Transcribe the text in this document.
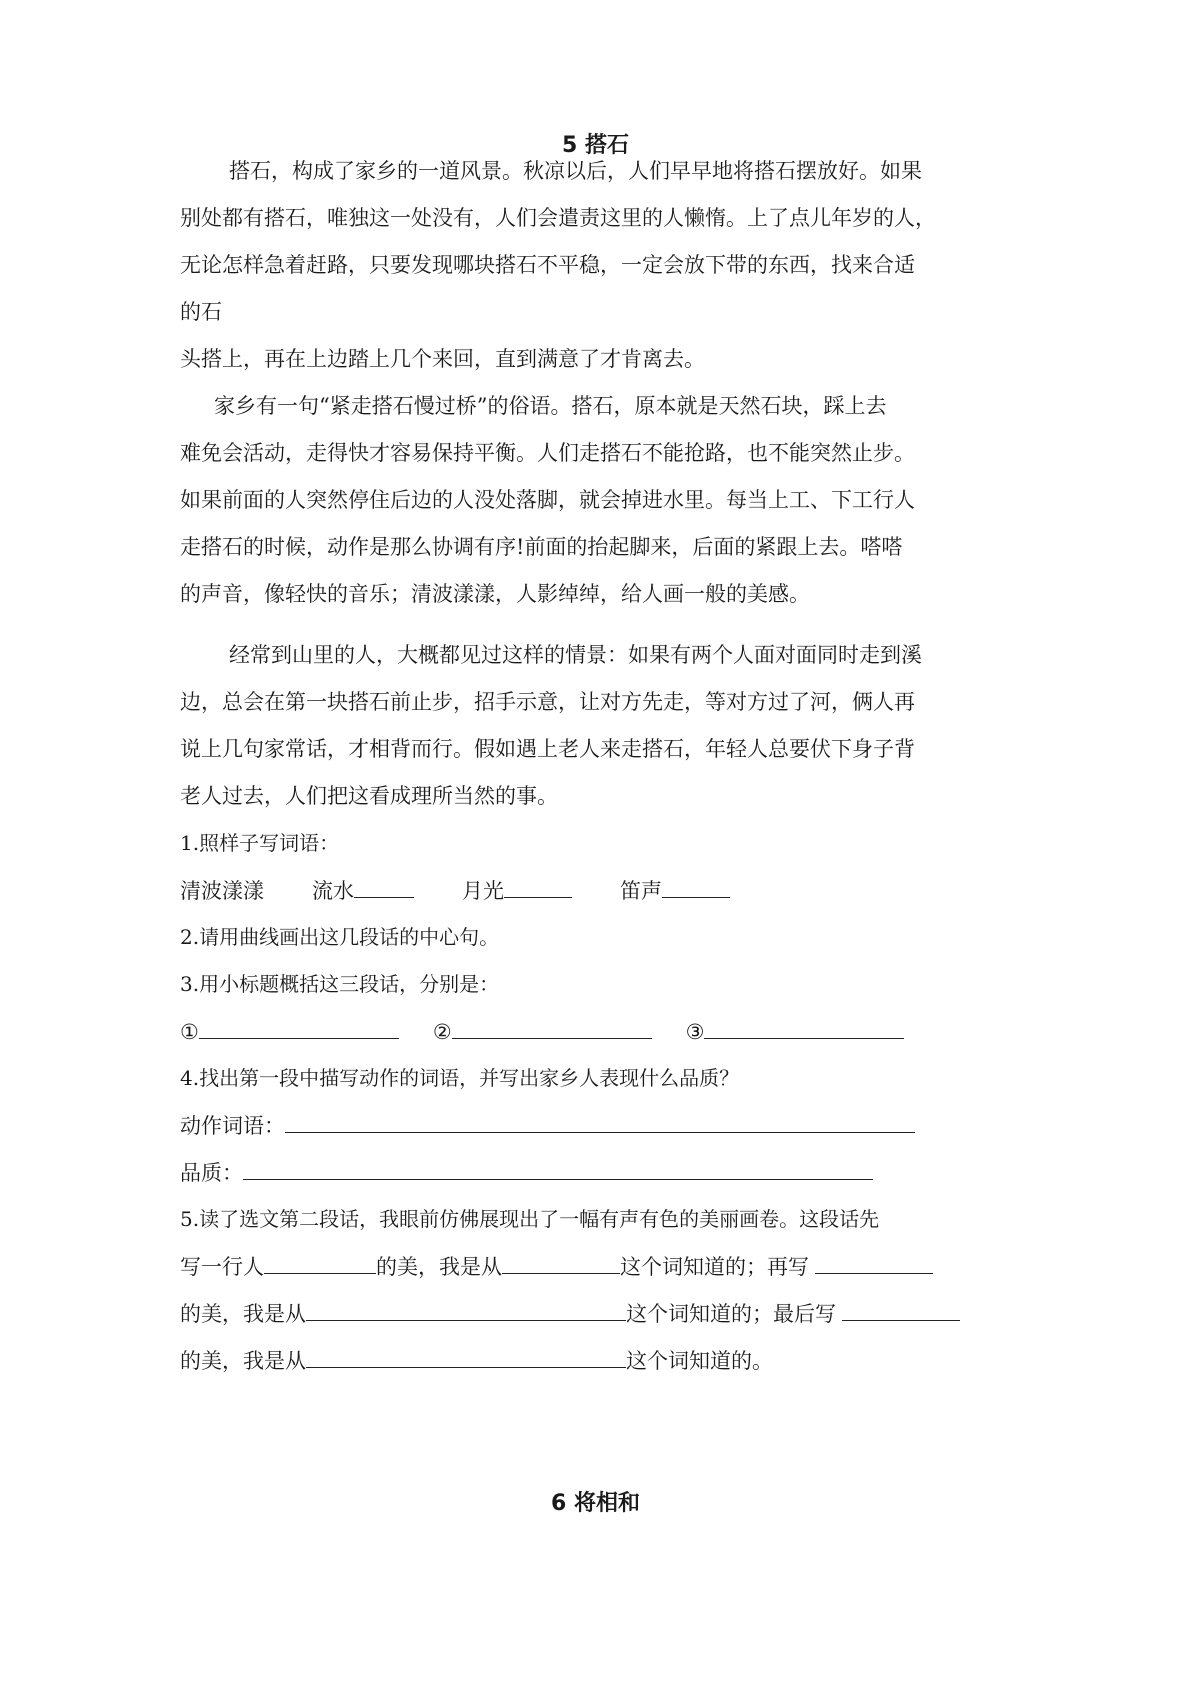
5 搭石
搭石，构成了家乡的一道风景。秋凉以后，人们早早地将搭石摆放好。如果
别处都有搭石，唯独这一处没有，人们会遣责这里的人懒惰。上了点儿年岁的人，
无论怎样急着赶路，只要发现哪块搭石不平稳，一定会放下带的东西，找来合适
的石
头搭上，再在上边踏上几个来回，直到满意了才肯离去。
家乡有一句“紧走搭石慢过桥”的俗语。搭石，原本就是天然石块，踩上去
难免会活动，走得快才容易保持平衡。人们走搭石不能抢路，也不能突然止步。
如果前面的人突然停住后边的人没处落脚，就会掉进水里。每当上工、下工行人
走搭石的时候，动作是那么协调有序!前面的抬起脚来，后面的紧跟上去。嗒嗒
的声音，像轻快的音乐；清波漾漾，人影绰绰，给人画一般的美感。
经常到山里的人，大概都见过这样的情景：如果有两个人面对面同时走到溪
边，总会在第一块搭石前止步，招手示意，让对方先走，等对方过了河，俩人再
说上几句家常话，才相背而行。假如遇上老人来走搭石，年轻人总要伏下身子背
老人过去，人们把这看成理所当然的事。
1.照样子写词语：
清波漾漾 流水	月光	笛声
2.请用曲线画出这几段话的中心句。
3.用小标题概括这三段话，分别是：
①	②	③
4.找出第一段中描写动作的词语，并写出家乡人表现什么品质？
动作词语：
品质：
5.读了选文第二段话，我眼前仿佛展现出了一幅有声有色的美丽画卷。这段话先
写一行人	的美，我是从	这个词知道的；再写
的美，我是从	这个词知道的；最后写
的美，我是从	这个词知道的。
6 将相和
